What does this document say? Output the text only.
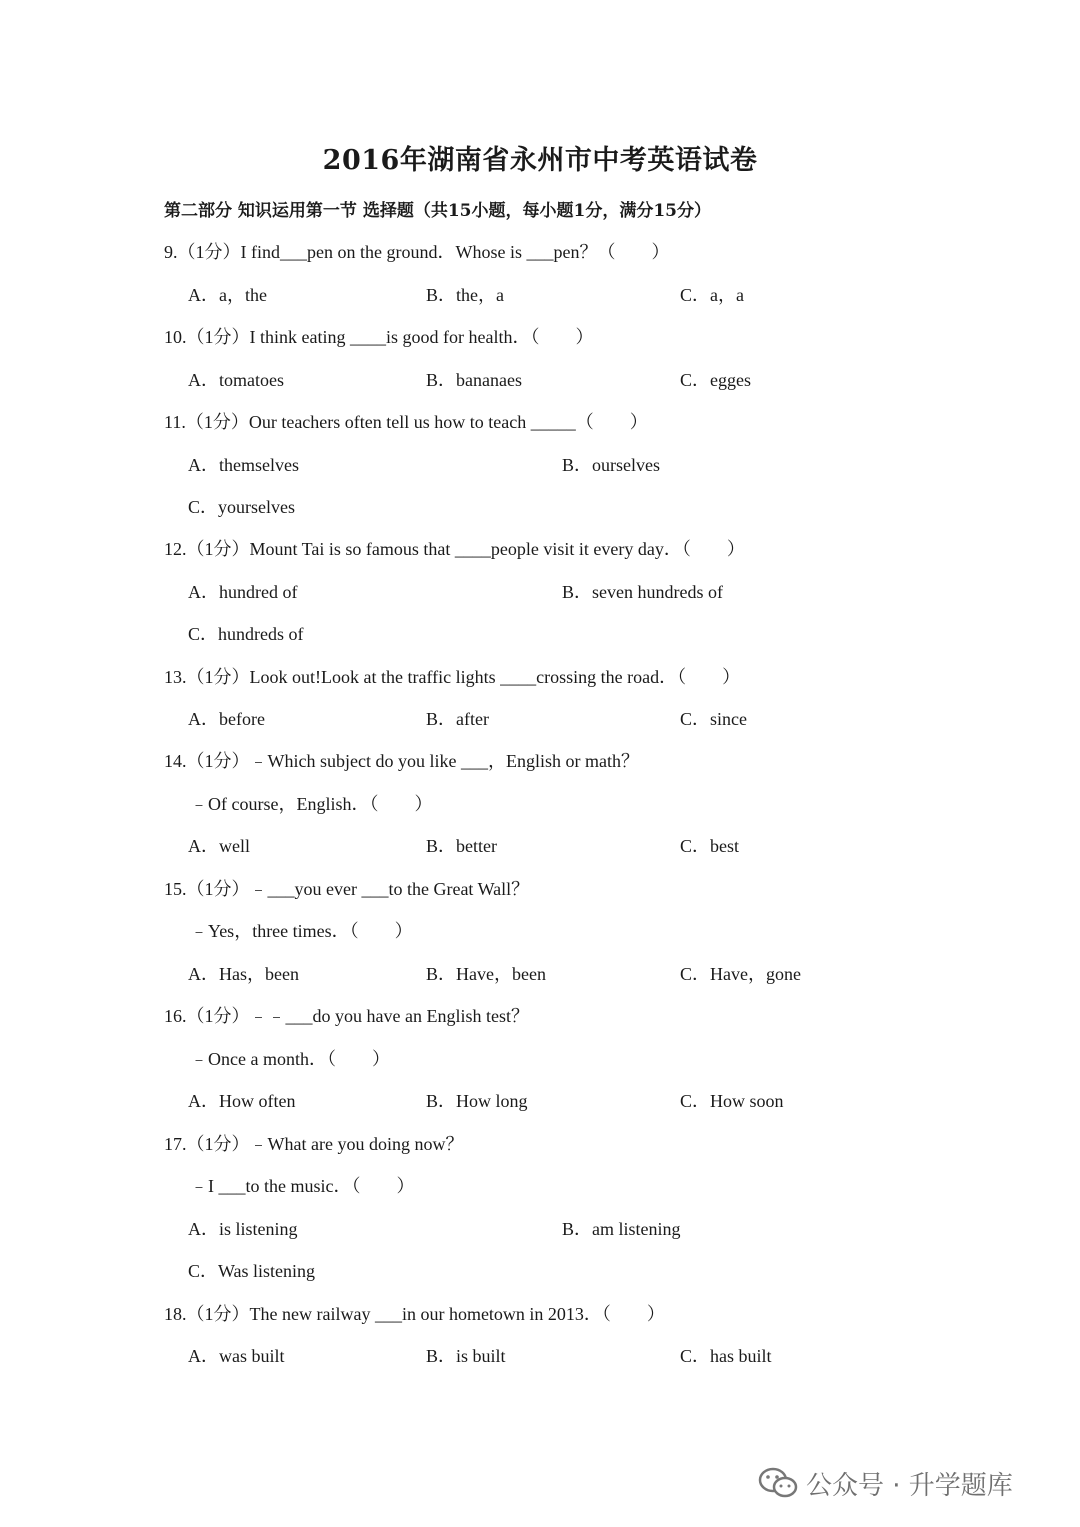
2016年湖南省永州市中考英语试卷
第二部分 知识运用第一节 选择题（共15小题，每小题1分，满分15分）
9.（1分）I find___pen on the ground．Whose is ___pen？（　　）
A．a，the	B．the，a	C．a，a
10.（1分）I think eating ____is good for health．（　　）
A．tomatoes	B．bananaes	C．egges
11.（1分）Our teachers often tell us how to teach _____（　　）
A．themselves	B．ourselves
C．yourselves
12.（1分）Mount Tai is so famous that ____people visit it every day．（　　）
A．hundred of	B．seven hundreds of
C．hundreds of
13.（1分）Look out!Look at the traffic lights ____crossing the road．（　　）
A．before	B．after	C．since
14.（1分）﹣Which subject do you like ___，English or math？
﹣Of course，English．（　　）
A．well	B．better	C．best
15.（1分）﹣___you ever ___to the Great Wall？
﹣Yes，three times．（　　）
A．Has，been	B．Have，been	C．Have，gone
16.（1分）﹣﹣___do you have an English test？
﹣Once a month．（　　）
A．How often	B．How long	C．How soon
17.（1分）﹣What are you doing now？
﹣I ___to the music．（　　）
A．is listening	B．am listening
C．Was listening
18.（1分）The new railway ___in our hometown in 2013．（　　）
A．was built	B．is built	C．has built
公众号 · 升学题库
